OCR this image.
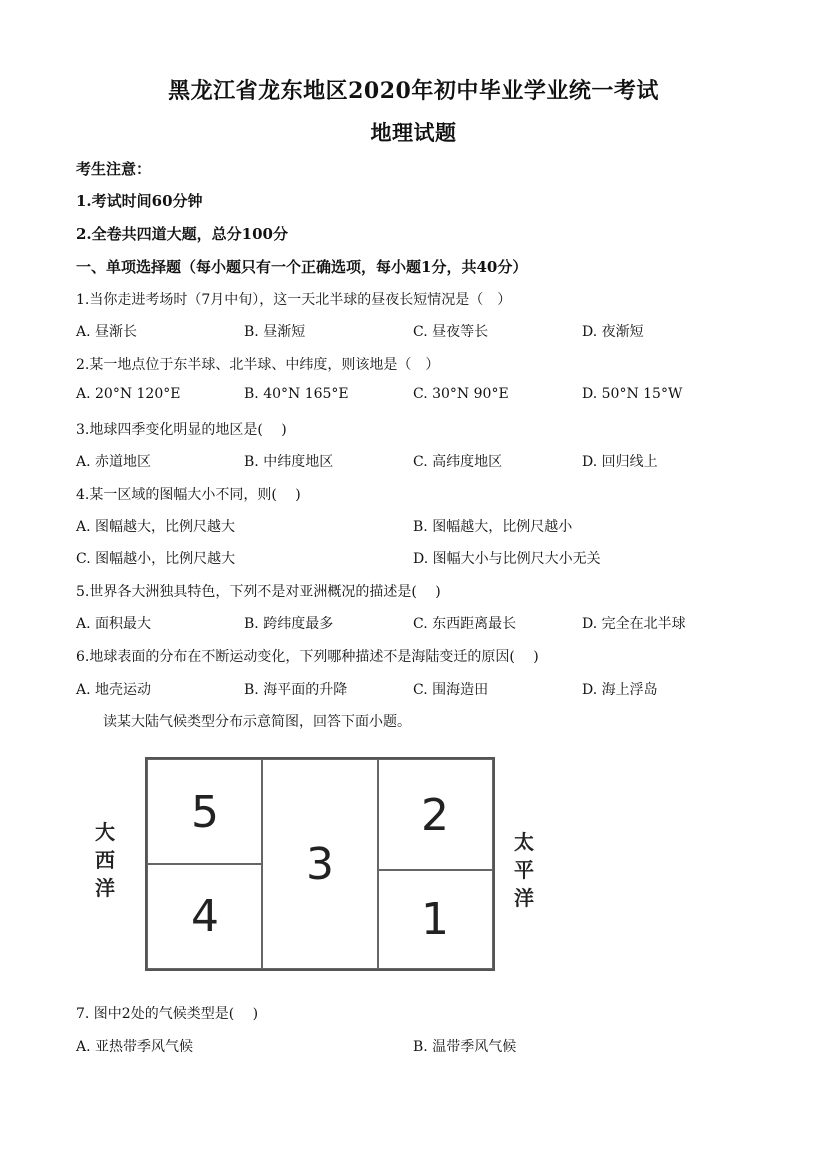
黑龙江省龙东地区2020年初中毕业学业统一考试
地理试题
考生注意：
1.考试时间60分钟
2.全卷共四道大题，总分100分
一、单项选择题（每小题只有一个正确选项，每小题1分，共40分）
1.当你走进考场时（7月中旬），这一天北半球的昼夜长短情况是（　）
A. 昼渐长	B. 昼渐短	C. 昼夜等长	D. 夜渐短
2.某一地点位于东半球、北半球、中纬度，则该地是（　）
A. 20°N 120°E	B. 40°N 165°E	C. 30°N 90°E	D. 50°N 15°W
3.地球四季变化明显的地区是(　 )
A. 赤道地区	B. 中纬度地区	C. 高纬度地区	D. 回归线上
4.某一区域的图幅大小不同，则(　 )
A. 图幅越大，比例尺越大	B. 图幅越大，比例尺越小
C. 图幅越小，比例尺越大	D. 图幅大小与比例尺大小无关
5.世界各大洲独具特色，下列不是对亚洲概况的描述是(　 )
A. 面积最大	B. 跨纬度最多	C. 东西距离最长	D. 完全在北半球
6.地球表面的分布在不断运动变化，下列哪种描述不是海陆变迁的原因(　 )
A. 地壳运动	B. 海平面的升降	C. 围海造田	D. 海上浮岛
读某大陆气候类型分布示意简图，回答下面小题。
大
西
洋
太
平
洋
5
4
3
2
1
7. 图中2处的气候类型是(　 )
A. 亚热带季风气候	B. 温带季风气候
